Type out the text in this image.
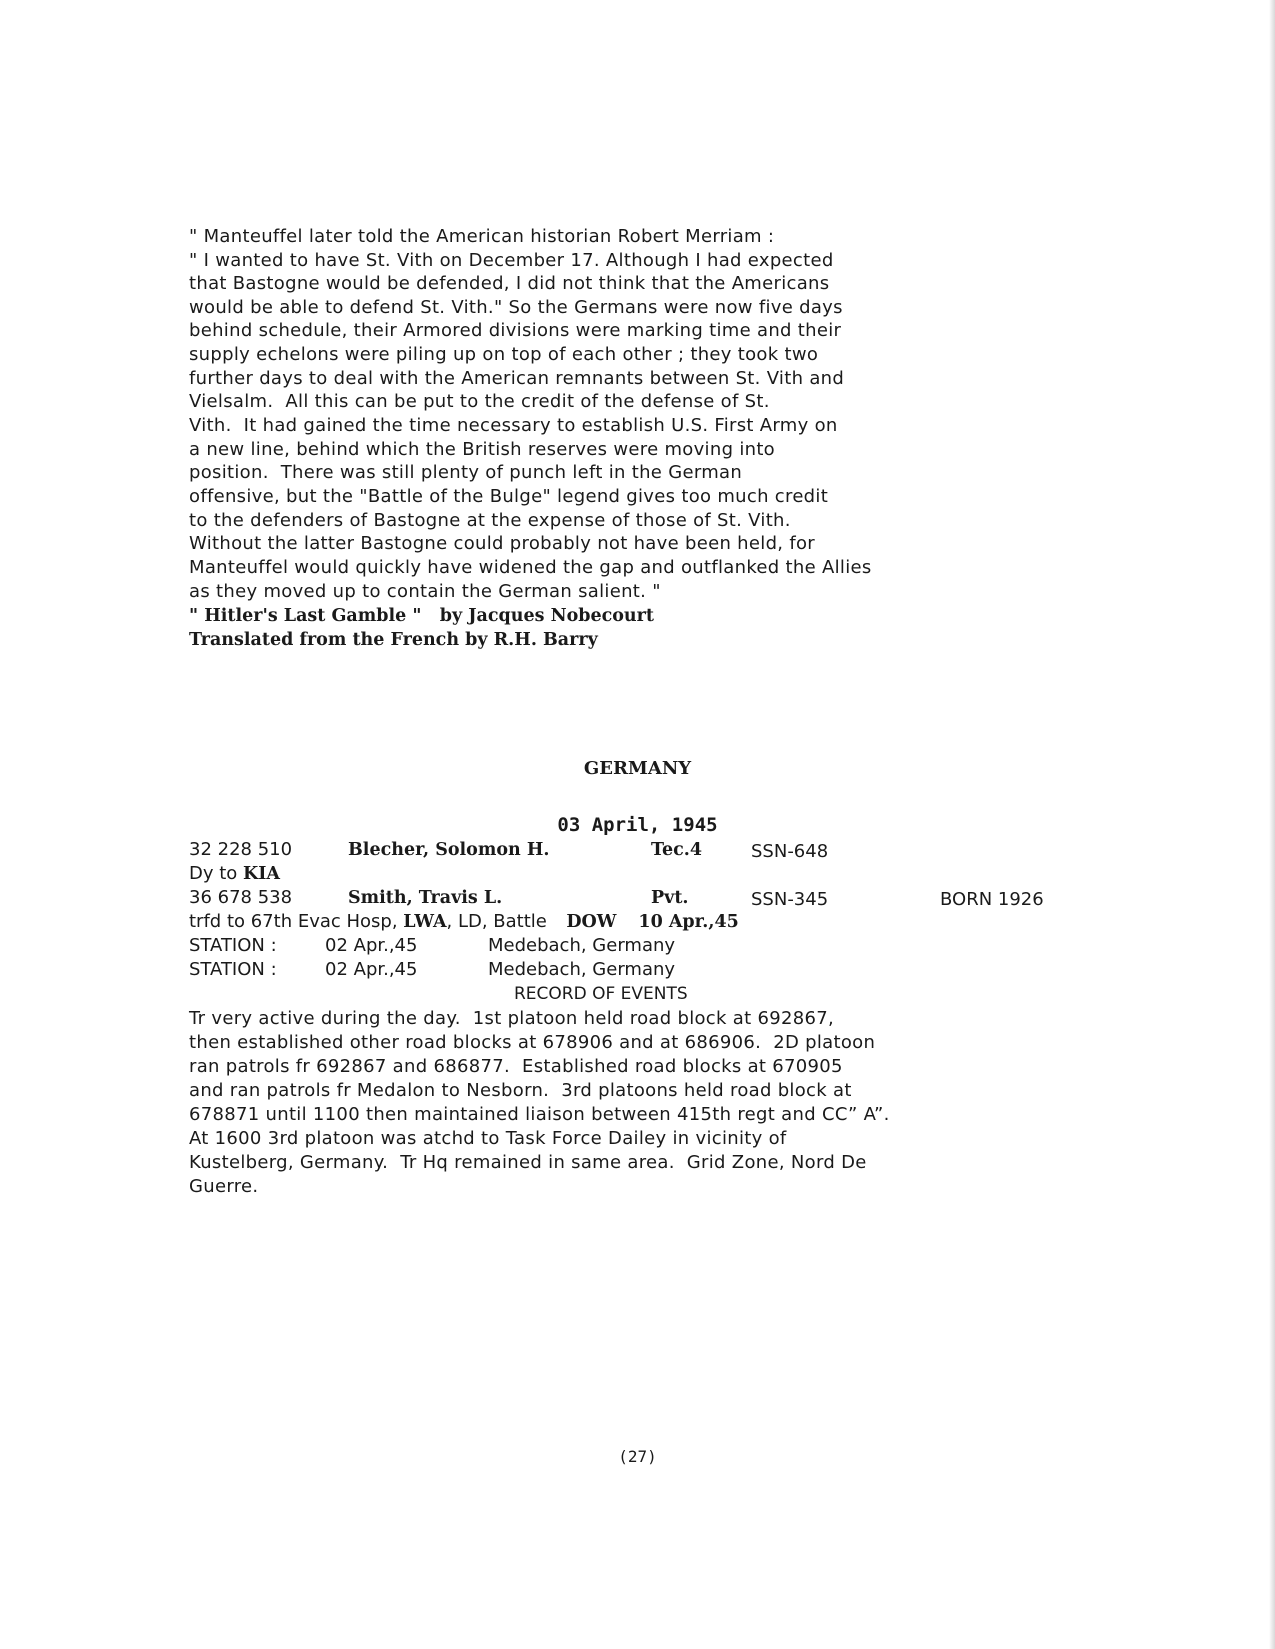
" Manteuffel later told the American historian Robert Merriam :

" I wanted to have St. Vith on December 17. Although I had expected

that Bastogne would be defended, I did not think that the Americans

would be able to defend St. Vith." So the Germans were now five days

behind schedule, their Armored divisions were marking time and their

supply echelons were piling up on top of each other ; they took two

further days to deal with the American remnants between St. Vith and

Vielsalm.  All this can be put to the credit of the defense of St.

Vith.  It had gained the time necessary to establish U.S. First Army on

a new line, behind which the British reserves were moving into

position.  There was still plenty of punch left in the German

offensive, but the "Battle of the Bulge" legend gives too much credit

to the defenders of Bastogne at the expense of those of St. Vith.

Without the latter Bastogne could probably not have been held, for

Manteuffel would quickly have widened the gap and outflanked the Allies

as they moved up to contain the German salient. "

" Hitler's Last Gamble "   by Jacques Nobecourt

Translated from the French by R.H. Barry

GERMANY
03 April, 1945
32 228 510	Blecher, Solomon H.	Tec.4	SSN-648
Dy to KIA
36 678 538	Smith, Travis L.	Pvt.	SSN-345	BORN 1926
trfd to 67th Evac Hosp, LWA, LD, Battle  DOW 10 Apr.,45
STATION :	02 Apr.,45	Medebach, Germany
STATION :	02 Apr.,45	Medebach, Germany
RECORD OF EVENTS

Tr very active during the day.  1st platoon held road block at 692867,

then established other road blocks at 678906 and at 686906.  2D platoon

ran patrols fr 692867 and 686877.  Established road blocks at 670905

and ran patrols fr Medalon to Nesborn.  3rd platoons held road block at

678871 until 1100 then maintained liaison between 415th regt and CC” A”.

At 1600 3rd platoon was atchd to Task Force Dailey in vicinity of

Kustelberg, Germany.  Tr Hq remained in same area.  Grid Zone, Nord De

Guerre.

(27)
